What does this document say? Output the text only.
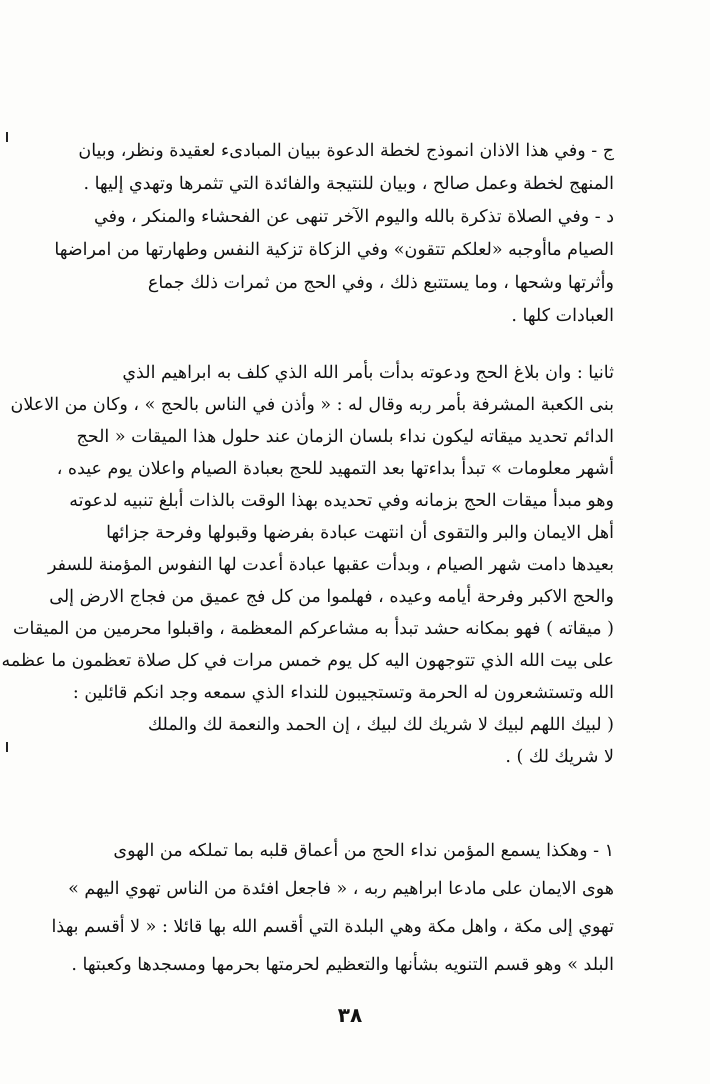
ج - وفي هذا الاذان انموذج لخطة الدعوة ببيان المبادىء لعقيدة ونظر، وبيان
المنهج لخطة وعمل صالح ، وبيان للنتيجة والفائدة التي تثمرها وتهدي إليها .
د - وفي الصلاة تذكرة بالله واليوم الآخر تنهى عن الفحشاء والمنكر ، وفي
الصيام ماأوجبه «لعلكم تتقون» وفي الزكاة تزكية النفس وطهارتها من امراضها
وأثرتها وشحها ، وما يستتبع ذلك ، وفي الحج من ثمرات ذلك جماع
العبادات كلها .
ثانيا : وان بلاغ الحج ودعوته بدأت بأمر الله الذي كلف به ابراهيم الذي
بنى الكعبة المشرفة بأمر ربه وقال له : « وأذن في الناس بالحج » ، وكان من الاعلان
الدائم تحديد ميقاته ليكون نداء بلسان الزمان عند حلول هذا الميقات « الحج
أشهر معلومات » تبدأ بداءتها بعد التمهيد للحج بعبادة الصيام واعلان يوم عيده ،
وهو مبدأ ميقات الحج بزمانه وفي تحديده بهذا الوقت بالذات أبلغ تنبيه لدعوته
أهل الايمان والبر والتقوى أن انتهت عبادة بفرضها وقبولها وفرحة جزائها
بعيدها دامت شهر الصيام ، وبدأت عقبها عبادة أعدت لها النفوس المؤمنة للسفر
والحج الاكبر وفرحة أيامه وعيده ، فهلموا من كل فج عميق من فجاج الارض إلى
( ميقاته ) فهو بمكانه حشد تبدأ به مشاعركم المعظمة ، واقبلوا محرمين من الميقات
على بيت الله الذي تتوجهون اليه كل يوم خمس مرات في كل صلاة تعظمون ما عظمه
الله وتستشعرون له الحرمة وتستجيبون للنداء الذي سمعه وجد انكم قائلين :
( لبيك اللهم لبيك لا شريك لك لبيك ، إن الحمد والنعمة لك والملك
لا شريك لك ) .
١ - وهكذا يسمع المؤمن نداء الحج من أعماق قلبه بما تملكه من الهوى
هوى الايمان على مادعا ابراهيم ربه ، « فاجعل افئدة من الناس تهوي اليهم »
تهوي إلى مكة ، واهل مكة وهي البلدة التي أقسم الله بها قائلا : « لا أقسم بهذا
البلد » وهو قسم التنويه بشأنها والتعظيم لحرمتها بحرمها ومسجدها وكعبتها .
٣٨
